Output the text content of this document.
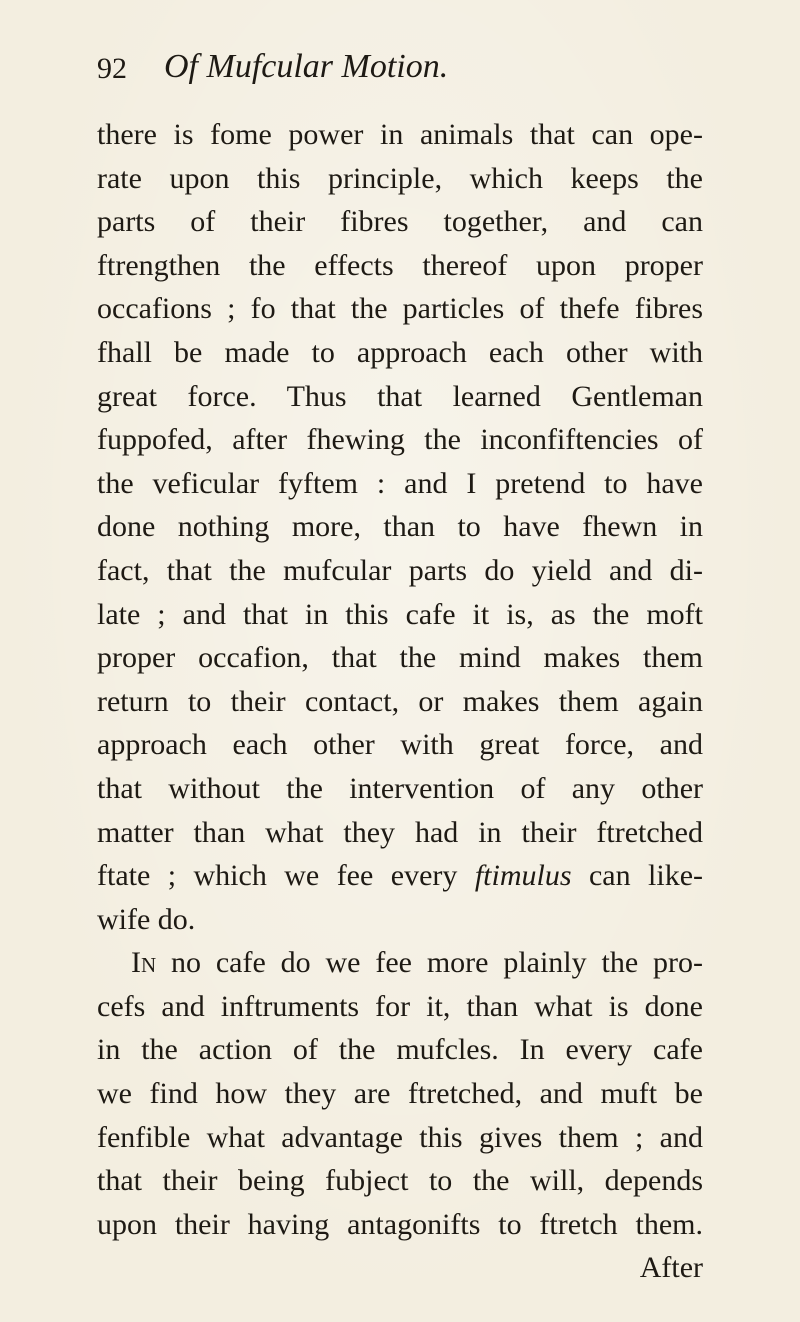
92 Of Mufcular Motion.
there is fome power in animals that can ope-
rate upon this principle, which keeps the
parts of their fibres together, and can
ftrengthen the effects thereof upon proper
occafions ; fo that the particles of thefe fibres
fhall be made to approach each other with
great force. Thus that learned Gentleman
fuppofed, after fhewing the inconfiftencies of
the veficular fyftem : and I pretend to have
done nothing more, than to have fhewn in
fact, that the mufcular parts do yield and di-
late ; and that in this cafe it is, as the moft
proper occafion, that the mind makes them
return to their contact, or makes them again
approach each other with great force, and
that without the intervention of any other
matter than what they had in their ftretched
ftate ; which we fee every ftimulus can like-
wife do.
In no cafe do we fee more plainly the pro-
cefs and inftruments for it, than what is done
in the action of the mufcles. In every cafe
we find how they are ftretched, and muft be
fenfible what advantage this gives them ; and
that their being fubject to the will, depends
upon their having antagonifts to ftretch them.
After
